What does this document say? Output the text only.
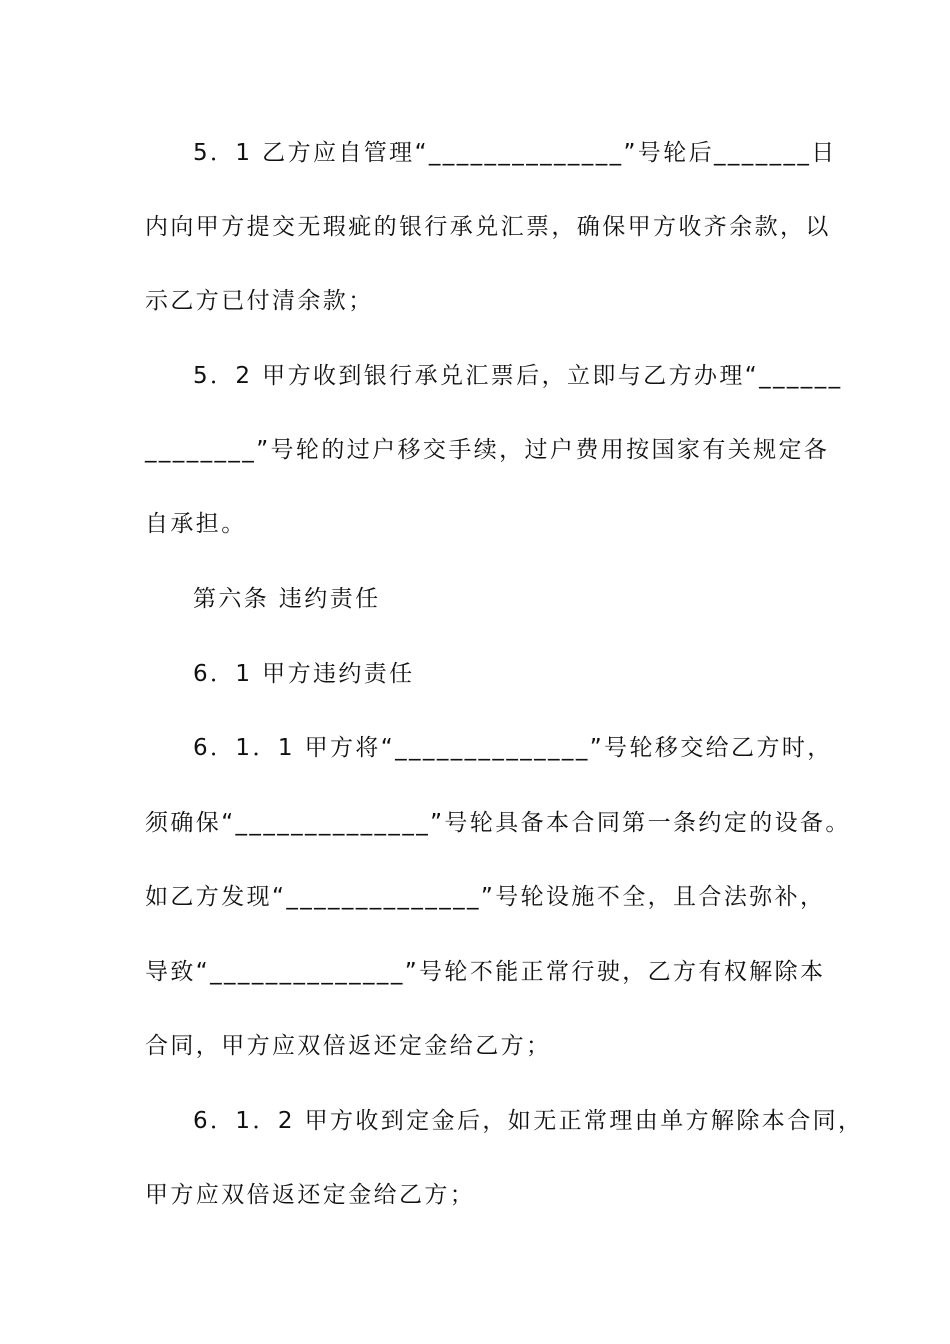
5．1 乙方应自管理“______________”号轮后_______日
内向甲方提交无瑕疵的银行承兑汇票，确保甲方收齐余款，以
示乙方已付清余款；
5．2 甲方收到银行承兑汇票后，立即与乙方办理“______
________”号轮的过户移交手续，过户费用按国家有关规定各
自承担。
第六条 违约责任
6．1 甲方违约责任
6．1．1 甲方将“______________”号轮移交给乙方时，
须确保“______________”号轮具备本合同第一条约定的设备。
如乙方发现“______________”号轮设施不全，且合法弥补，
导致“______________”号轮不能正常行驶，乙方有权解除本
合同，甲方应双倍返还定金给乙方；
6．1．2 甲方收到定金后，如无正常理由单方解除本合同，
甲方应双倍返还定金给乙方；
